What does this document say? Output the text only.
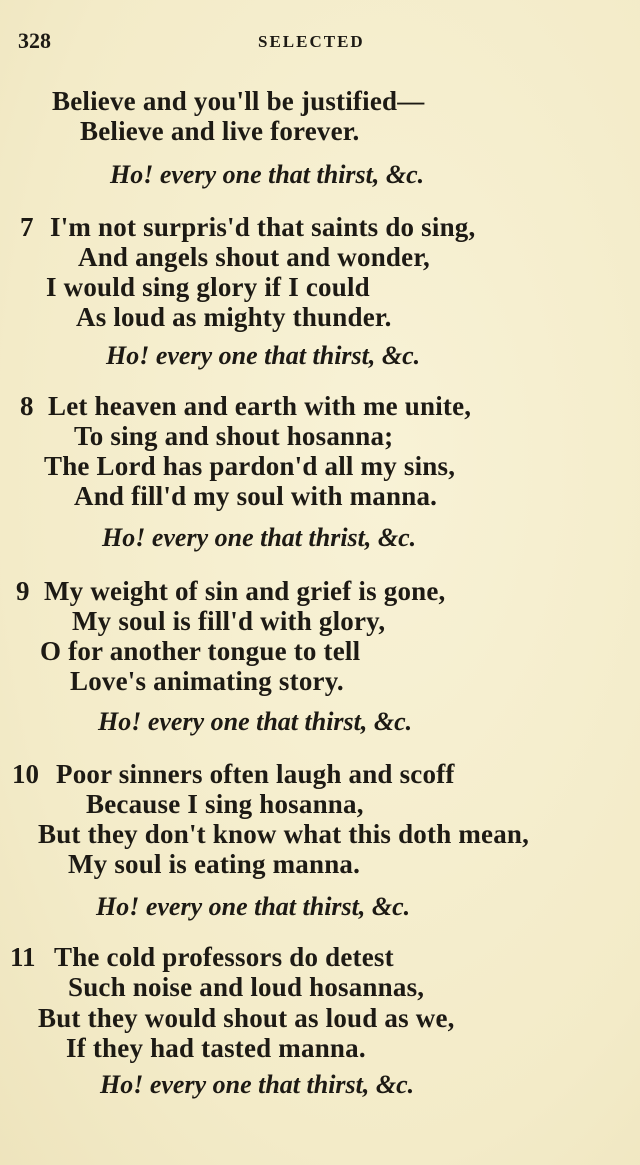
328	SELECTED
Believe and you'll be justified—
Believe and live forever.
Ho! every one that thirst, &c.
7 I'm not surpris'd that saints do sing,
And angels shout and wonder,
I would sing glory if I could
As loud as mighty thunder.
Ho! every one that thirst, &c.
8 Let heaven and earth with me unite,
To sing and shout hosanna;
The Lord has pardon'd all my sins,
And fill'd my soul with manna.
Ho! every one that thrist, &c.
9 My weight of sin and grief is gone,
My soul is fill'd with glory,
O for another tongue to tell
Love's animating story.
Ho! every one that thirst, &c.
10 Poor sinners often laugh and scoff
Because I sing hosanna,
But they don't know what this doth mean,
My soul is eating manna.
Ho! every one that thirst, &c.
11 The cold professors do detest
Such noise and loud hosannas,
But they would shout as loud as we,
If they had tasted manna.
Ho! every one that thirst, &c.
